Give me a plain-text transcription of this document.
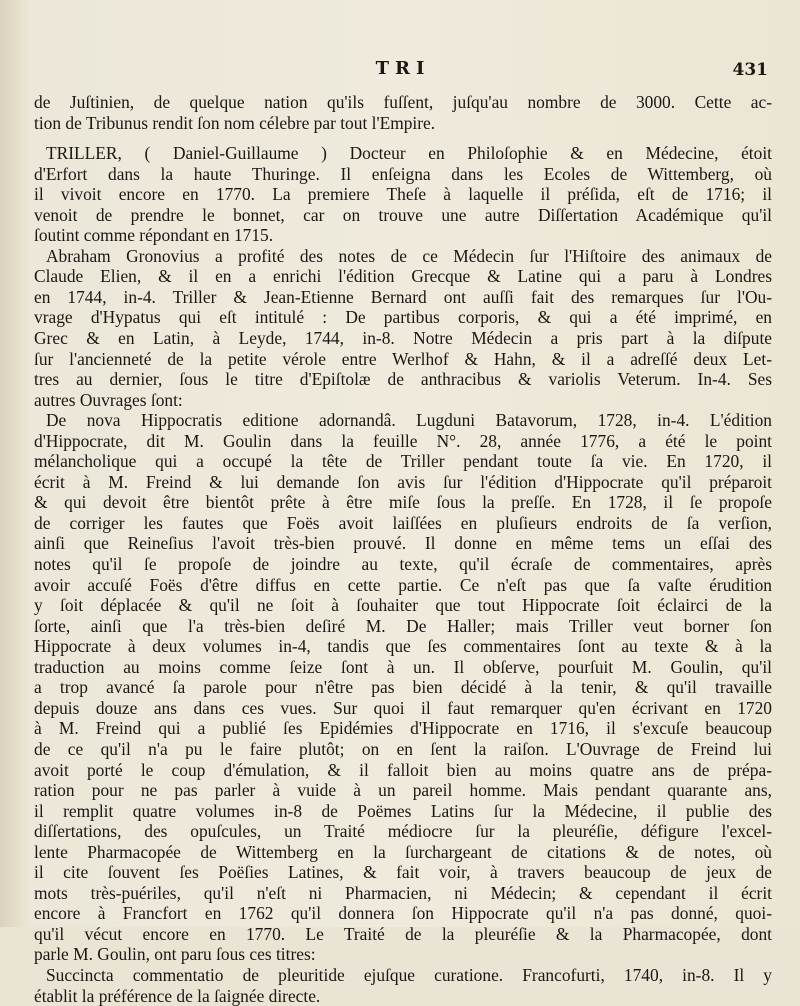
TRI	431
de Juſtinien, de quelque nation qu'ils fuſſent, juſqu'au nombre de 3000. Cette ac-
tion de Tribunus rendit ſon nom célebre par tout l'Empire.
TRILLER, ( Daniel-Guillaume ) Docteur en Philoſophie & en Médecine, étoit
d'Erfort dans la haute Thuringe. Il enſeigna dans les Ecoles de Wittemberg, où
il vivoit encore en 1770. La premiere Theſe à laquelle il préſida, eſt de 1716; il
venoit de prendre le bonnet, car on trouve une autre Diſſertation Académique qu'il
ſoutint comme répondant en 1715.
Abraham Gronovius a profité des notes de ce Médecin ſur l'Hiſtoire des animaux de
Claude Elien, & il en a enrichi l'édition Grecque & Latine qui a paru à Londres
en 1744, in-4. Triller & Jean-Etienne Bernard ont auſſi fait des remarques ſur l'Ou-
vrage d'Hypatus qui eſt intitulé : De partibus corporis, & qui a été imprimé, en
Grec & en Latin, à Leyde, 1744, in-8. Notre Médecin a pris part à la diſpute
ſur l'ancienneté de la petite vérole entre Werlhof & Hahn, & il a adreſſé deux Let-
tres au dernier, ſous le titre d'Epiſtolæ de anthracibus & variolis Veterum. In-4. Ses
autres Ouvrages ſont:
De nova Hippocratis editione adornandâ. Lugduni Batavorum, 1728, in-4. L'édition
d'Hippocrate, dit M. Goulin dans la feuille N°. 28, année 1776, a été le point
mélancholique qui a occupé la tête de Triller pendant toute ſa vie. En 1720, il
écrit à M. Freind & lui demande ſon avis ſur l'édition d'Hippocrate qu'il préparoit
& qui devoit être bientôt prête à être miſe ſous la preſſe. En 1728, il ſe propoſe
de corriger les fautes que Foës avoit laiſſées en pluſieurs endroits de ſa verſion,
ainſi que Reineſius l'avoit très-bien prouvé. Il donne en même tems un eſſai des
notes qu'il ſe propoſe de joindre au texte, qu'il écraſe de commentaires, après
avoir accuſé Foës d'être diffus en cette partie. Ce n'eſt pas que ſa vaſte érudition
y ſoit déplacée & qu'il ne ſoit à ſouhaiter que tout Hippocrate ſoit éclairci de la
ſorte, ainſi que l'a très-bien deſiré M. De Haller; mais Triller veut borner ſon
Hippocrate à deux volumes in-4, tandis que ſes commentaires ſont au texte & à la
traduction au moins comme ſeize ſont à un. Il obſerve, pourſuit M. Goulin, qu'il
a trop avancé ſa parole pour n'être pas bien décidé à la tenir, & qu'il travaille
depuis douze ans dans ces vues. Sur quoi il faut remarquer qu'en écrivant en 1720
à M. Freind qui a publié ſes Epidémies d'Hippocrate en 1716, il s'excuſe beaucoup
de ce qu'il n'a pu le faire plutôt; on en ſent la raiſon. L'Ouvrage de Freind lui
avoit porté le coup d'émulation, & il falloit bien au moins quatre ans de prépa-
ration pour ne pas parler à vuide à un pareil homme. Mais pendant quarante ans,
il remplit quatre volumes in-8 de Poëmes Latins ſur la Médecine, il publie des
diſſertations, des opuſcules, un Traité médiocre ſur la pleuréſie, défigure l'excel-
lente Pharmacopée de Wittemberg en la ſurchargeant de citations & de notes, où
il cite ſouvent ſes Poëſies Latines, & fait voir, à travers beaucoup de jeux de
mots très-puériles, qu'il n'eſt ni Pharmacien, ni Médecin; & cependant il écrit
encore à Francfort en 1762 qu'il donnera ſon Hippocrate qu'il n'a pas donné, quoi-
qu'il vécut encore en 1770. Le Traité de la pleuréſie & la Pharmacopée, dont
parle M. Goulin, ont paru ſous ces titres:
Succincta commentatio de pleuritide ejuſque curatione. Francofurti, 1740, in-8. Il y
établit la préférence de la ſaignée directe.
